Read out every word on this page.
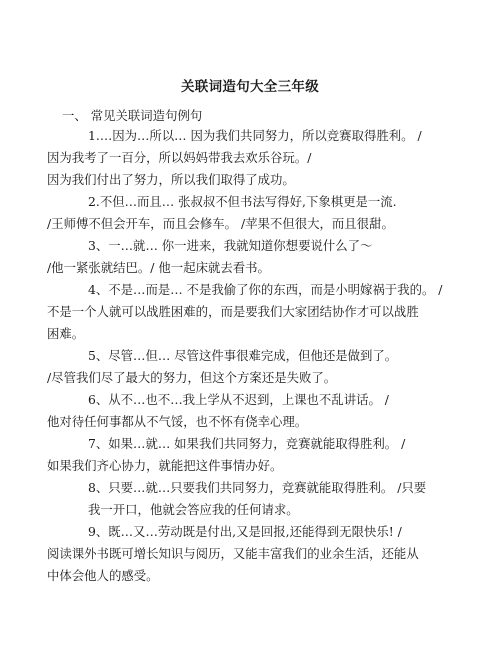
关联词造句大全三年级
一、 常见关联词造句例句
1.…因为…所以… 因为我们共同努力，所以竞赛取得胜利。 /
因为我考了一百分，所以妈妈带我去欢乐谷玩。/
因为我们付出了努力，所以我们取得了成功。
2.不但…而且… 张叔叔不但书法写得好,下象棋更是一流.
/王师傅不但会开车，而且会修车。 /苹果不但很大，而且很甜。
3、一…就… 你一进来，我就知道你想要说什么了～
/他一紧张就结巴。/ 他一起床就去看书。
4、不是…而是… 不是我偷了你的东西，而是小明嫁祸于我的。 /
不是一个人就可以战胜困难的，而是要我们大家团结协作才可以战胜
困难。
5、尽管…但… 尽管这件事很难完成，但他还是做到了。
/尽管我们尽了最大的努力，但这个方案还是失败了。
6、从不…也不…我上学从不迟到，上课也不乱讲话。 /
他对待任何事都从不气馁，也不怀有侥幸心理。
7、如果…就… 如果我们共同努力，竞赛就能取得胜利。 /
如果我们齐心协力，就能把这件事情办好。
8、只要…就…只要我们共同努力，竞赛就能取得胜利。 /只要
我一开口，他就会答应我的任何请求。
9、既…又…劳动既是付出,又是回报,还能得到无限快乐! /
阅读课外书既可增长知识与阅历，又能丰富我们的业余生活，还能从
中体会他人的感受。
